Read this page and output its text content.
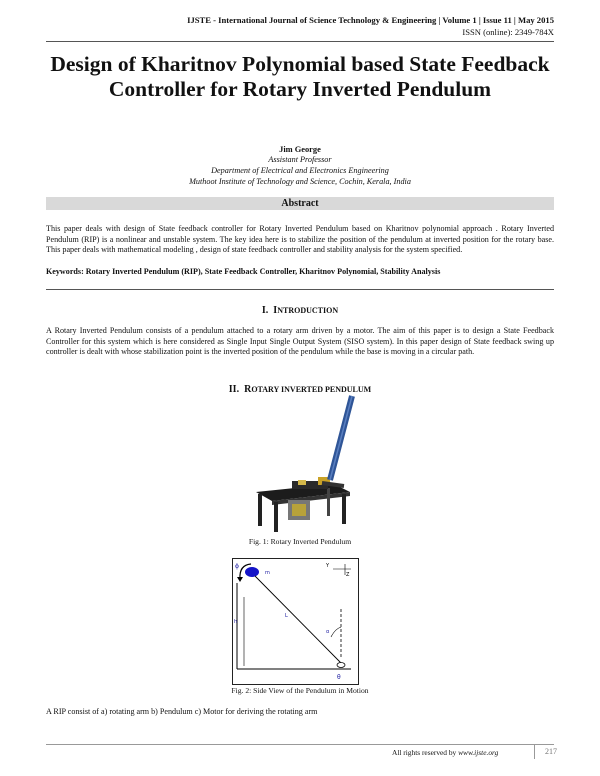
IJSTE - International Journal of Science Technology & Engineering | Volume 1 | Issue 11 | May 2015
ISSN (online): 2349-784X
Design of Kharitnov Polynomial based State Feedback Controller for Rotary Inverted Pendulum
Jim George
Assistant Professor
Department of Electrical and Electronics Engineering
Muthoot Institute of Technology and Science, Cochin, Kerala, India
Abstract
This paper deals with design of State feedback controller for Rotary Inverted Pendulum based on Kharitnov polynomial approach . Rotary Inverted Pendulum (RIP) is a nonlinear and unstable system. The key idea here is to stabilize the position of the pendulum at inverted position for the rotary base. This paper deals with mathematical modeling , design of state feedback controller and stability analysis for the system specified.
Keywords: Rotary Inverted Pendulum (RIP), State Feedback Controller, Kharitnov Polynomial, Stability Analysis
I. INTRODUCTION
A Rotary Inverted Pendulum consists of a pendulum attached to a rotary arm driven by a motor. The aim of this paper is to design a State Feedback Controller for this system which is here considered as Single Input Single Output System (SISO system). In this paper design of State feedback swing up controller is dealt with whose stabilization point is the inverted position of the pendulum while the base is moving in a circular path.
II. ROTARY INVERTED PENDULUM
Fig. 1: Rotary Inverted Pendulum
ϕ
m
h
L
α
θ
Y
Z
Fig. 2: Side View of the Pendulum in Motion
A RIP consist of a) rotating arm b) Pendulum c) Motor for deriving the rotating arm
All rights reserved by www.ijste.org	217
